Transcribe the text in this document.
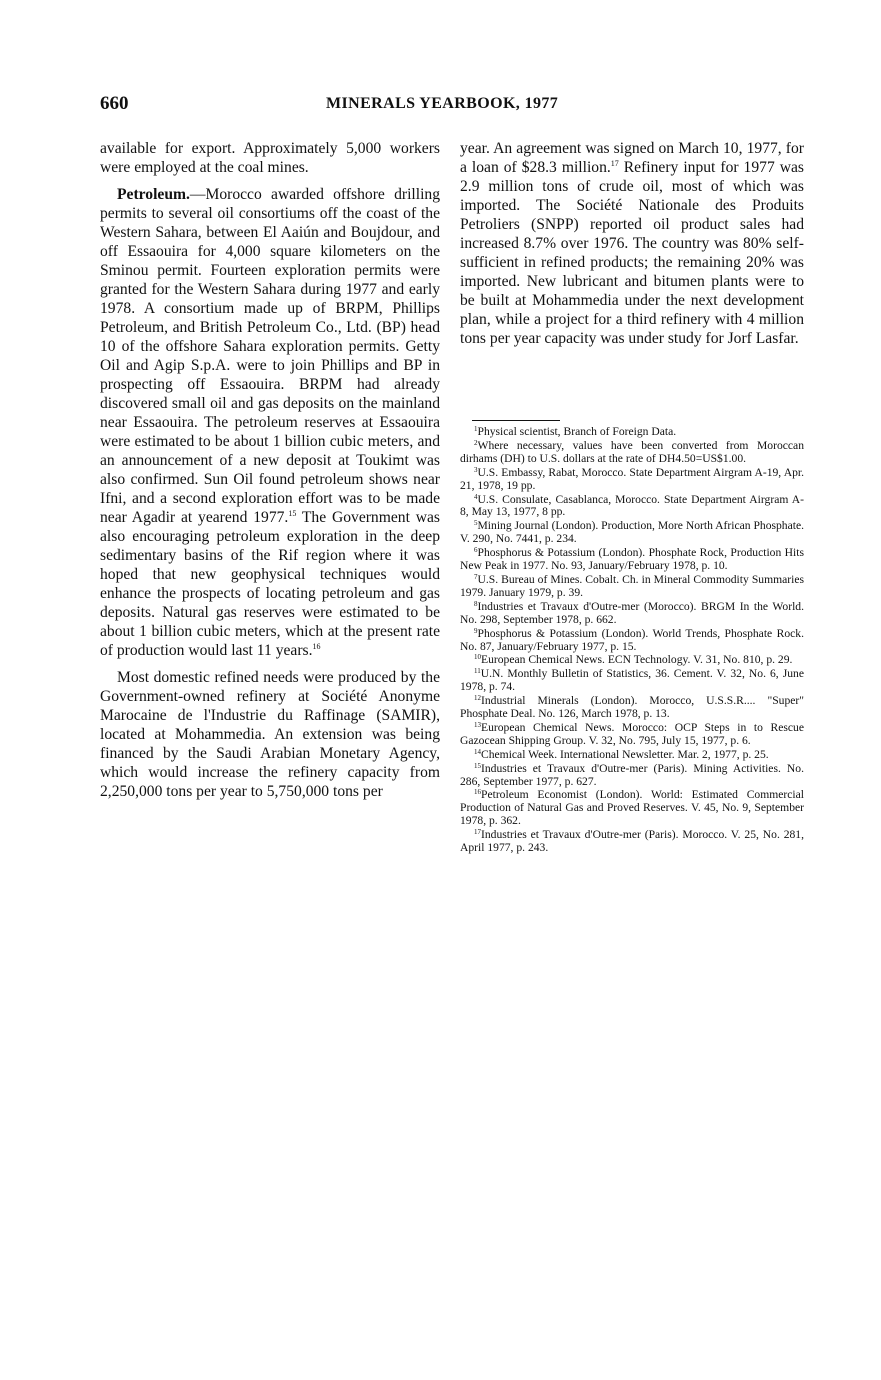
660	MINERALS YEARBOOK, 1977

available for export. Approximately 5,000 workers were employed at the coal mines.

Petroleum.—Morocco awarded offshore drilling permits to several oil consortiums off the coast of the Western Sahara, between El Aaiún and Boujdour, and off Essaouira for 4,000 square kilometers on the Sminou permit. Fourteen exploration permits were granted for the Western Sahara during 1977 and early 1978. A consortium made up of BRPM, Phillips Petroleum, and British Petroleum Co., Ltd. (BP) head 10 of the offshore Sahara exploration permits. Getty Oil and Agip S.p.A. were to join Phillips and BP in prospecting off Essaouira. BRPM had already discovered small oil and gas deposits on the mainland near Essaouira. The petroleum reserves at Essaouira were estimated to be about 1 billion cubic meters, and an announcement of a new deposit at Toukimt was also confirmed. Sun Oil found petroleum shows near Ifni, and a second exploration effort was to be made near Agadir at yearend 1977.15 The Government was also encouraging petroleum exploration in the deep sedimentary basins of the Rif region where it was hoped that new geophysical techniques would enhance the prospects of locating petroleum and gas deposits. Natural gas reserves were estimated to be about 1 billion cubic meters, which at the present rate of production would last 11 years.$^{16}$

Most domestic refined needs were produced by the Government-owned refinery at Société Anonyme Marocaine de l'Industrie du Raffinage (SAMIR), located at Mohammedia. An extension was being financed by the Saudi Arabian Monetary Agency, which would increase the refinery capacity from 2,250,000 tons per year to 5,750,000 tons per

year. An agreement was signed on March 10, 1977, for a loan of $28.3 million.$^{17}$ Refinery input for 1977 was 2.9 million tons of crude oil, most of which was imported. The Société Nationale des Produits Petroliers (SNPP) reported oil product sales had increased 8.7% over 1976. The country was 80% self-sufficient in refined products; the remaining 20% was imported. New lubricant and bitumen plants were to be built at Mohammedia under the next development plan, while a project for a third refinery with 4 million tons per year capacity was under study for Jorf Lasfar.

$^1$Physical scientist, Branch of Foreign Data.

$^2$Where necessary, values have been converted from Moroccan dirhams (DH) to U.S. dollars at the rate of DH4.50=US$1.00.

$^3$U.S. Embassy, Rabat, Morocco. State Department Airgram A-19, Apr. 21, 1978, 19 pp.

$^4$U.S. Consulate, Casablanca, Morocco. State Department Airgram A-8, May 13, 1977, 8 pp.

$^5$Mining Journal (London). Production, More North African Phosphate. V. 290, No. 7441, p. 234.

$^6$Phosphorus & Potassium (London). Phosphate Rock, Production Hits New Peak in 1977. No. 93, January/February 1978, p. 10.

$^7$U.S. Bureau of Mines. Cobalt. Ch. in Mineral Commodity Summaries 1979. January 1979, p. 39.

$^8$Industries et Travaux d'Outre-mer (Morocco). BRGM In the World. No. 298, September 1978, p. 662.

$^9$Phosphorus & Potassium (London). World Trends, Phosphate Rock. No. 87, January/February 1977, p. 15.

$^{10}$European Chemical News. ECN Technology. V. 31, No. 810, p. 29.

$^{11}$U.N. Monthly Bulletin of Statistics, 36. Cement. V. 32, No. 6, June 1978, p. 74.

$^{12}$Industrial Minerals (London). Morocco, U.S.S.R.... "Super" Phosphate Deal. No. 126, March 1978, p. 13.

$^{13}$European Chemical News. Morocco: OCP Steps in to Rescue Gazocean Shipping Group. V. 32, No. 795, July 15, 1977, p. 6.

$^{14}$Chemical Week. International Newsletter. Mar. 2, 1977, p. 25.

$^{15}$Industries et Travaux d'Outre-mer (Paris). Mining Activities. No. 286, September 1977, p. 627.

$^{16}$Petroleum Economist (London). World: Estimated Commercial Production of Natural Gas and Proved Reserves. V. 45, No. 9, September 1978, p. 362.

$^{17}$Industries et Travaux d'Outre-mer (Paris). Morocco. V. 25, No. 281, April 1977, p. 243.
